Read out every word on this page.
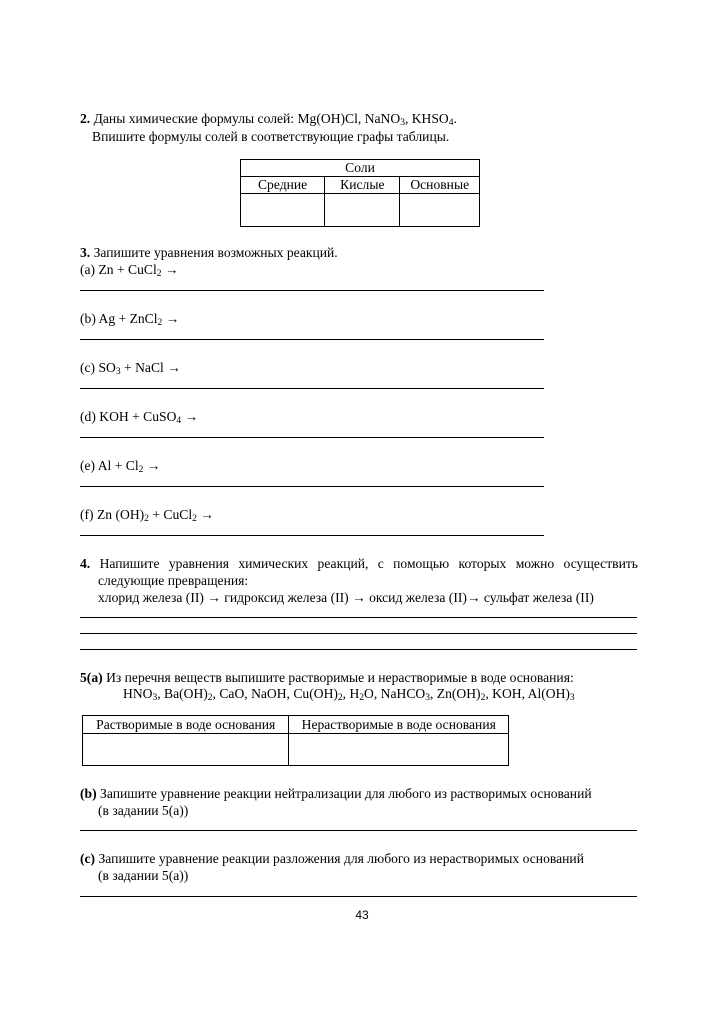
2. Даны химические формулы солей: Mg(OH)Cl, NaNO$_3$, $KHSO_4$.
Впишите формулы солей в соответствующие графы таблицы.
Соли		
Средние	Кислые	Основные

3. Запишите уравнения возможных реакций.
(a) Zn + CuCl$_2$ →
(b) Ag + ZnCl$_2$ →
(c) $SO_3$ + NaCl →
(d) KOH + CuSO$_4$ →
(e) $Al + Cl_2$ →
(f) Zn $(OH)_2$ + CuCl$_2$ →
4. Напишите уравнения химических реакций, с помощью которых можно осуществить
следующие превращения:
хлорид железа (II) → гидроксид железа (II) → оксид железа (II)→ сульфат железа (II)
5(a) Из перечня веществ выпишите растворимые и нерастворимые в воде основания:
$HNO_3$, $Ba(OH)_2$, CaO, NaOH, $Cu(OH)_2$, $H_2O$, NaHCO$_3$, $Zn(OH)_2$, KOH, $Al(OH)_3$
Растворимые в воде основания	Нерастворимые в воде основания

(b) Запишите уравнение реакции нейтрализации для любого из растворимых оснований
(в задании 5(a))
(c) Запишите уравнение реакции разложения для любого из нерастворимых оснований
(в задании 5(а))
43
